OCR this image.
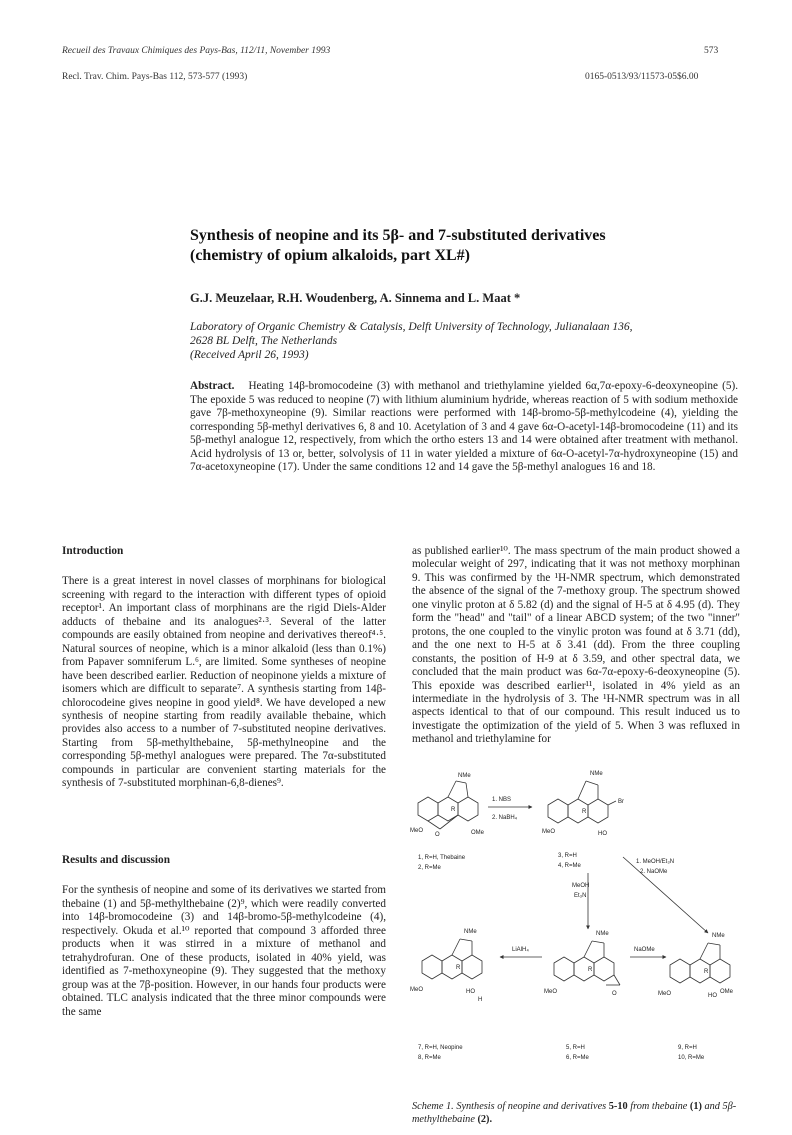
Recueil des Travaux Chimiques des Pays-Bas, 112/11, November 1993	573
Recl. Trav. Chim. Pays-Bas 112, 573-577 (1993)	0165-0513/93/11573-05$6.00
Synthesis of neopine and its 5β- and 7-substituted derivatives
(chemistry of opium alkaloids, part XL#)
G.J. Meuzelaar, R.H. Woudenberg, A. Sinnema and L. Maat *
Laboratory of Organic Chemistry & Catalysis, Delft University of Technology, Julianalaan 136,
2628 BL Delft, The Netherlands
(Received April 26, 1993)
Abstract. Heating 14β-bromocodeine (3) with methanol and triethylamine yielded 6α,7α-epoxy-6-deoxyneopine (5). The epoxide 5 was reduced to neopine (7) with lithium aluminium hydride, whereas reaction of 5 with sodium methoxide gave 7β-methoxyneopine (9). Similar reactions were performed with 14β-bromo-5β-methylcodeine (4), yielding the corresponding 5β-methyl derivatives 6, 8 and 10. Acetylation of 3 and 4 gave 6α-O-acetyl-14β-bromocodeine (11) and its 5β-methyl analogue 12, respectively, from which the ortho esters 13 and 14 were obtained after treatment with methanol. Acid hydrolysis of 13 or, better, solvolysis of 11 in water yielded a mixture of 6α-O-acetyl-7α-hydroxyneopine (15) and 7α-acetoxyneopine (17). Under the same conditions 12 and 14 gave the 5β-methyl analogues 16 and 18.
Introduction

There is a great interest in novel classes of morphinans for biological screening with regard to the interaction with different types of opioid receptor¹. An important class of morphinans are the rigid Diels-Alder adducts of thebaine and its analogues²·³. Several of the latter compounds are easily obtained from neopine and derivatives thereof⁴·⁵. Natural sources of neopine, which is a minor alkaloid (less than 0.1%) from Papaver somniferum L.⁶, are limited. Some syntheses of neopine have been described earlier. Reduction of neopinone yields a mixture of isomers which are difficult to separate⁷. A synthesis starting from 14β-chlorocodeine gives neopine in good yield⁸. We have developed a new synthesis of neopine starting from readily available thebaine, which provides also access to a number of 7-substituted neopine derivatives. Starting from 5β-methylthebaine, 5β-methylneopine and the corresponding 5β-methyl analogues were prepared. The 7α-substituted compounds in particular are convenient starting materials for the synthesis of 7-substituted morphinan-6,8-dienes⁹.

Results and discussion

For the synthesis of neopine and some of its derivatives we started from thebaine (1) and 5β-methylthebaine (2)⁹, which were readily converted into 14β-bromocodeine (3) and 14β-bromo-5β-methylcodeine (4), respectively. Okuda et al.¹⁰ reported that compound 3 afforded three products when it was stirred in a mixture of methanol and tetrahydrofuran. One of these products, isolated in 40% yield, was identified as 7-methoxyneopine (9). They suggested that the methoxy group was at the 7β-position. However, in our hands four products were obtained. TLC analysis indicated that the three minor compounds were the same

as published earlier¹⁰. The mass spectrum of the main product showed a molecular weight of 297, indicating that it was not methoxy morphinan 9. This was confirmed by the ¹H-NMR spectrum, which demonstrated the absence of the signal of the 7-methoxy group. The spectrum showed one vinylic proton at δ 5.82 (d) and the signal of H-5 at δ 4.95 (d). They form the "head" and "tail" of a linear ABCD system; of the two "inner" protons, the one coupled to the vinylic proton was found at δ 3.71 (dd), and the one next to H-5 at δ 3.41 (dd). From the three coupling constants, the position of H-9 at δ 3.59, and other spectral data, we concluded that the main product was 6α-7α-epoxy-6-deoxyneopine (5). This epoxide was described earlier¹¹, isolated in 4% yield as an intermediate in the hydrolysis of 3. The ¹H-NMR spectrum was in all aspects identical to that of our compound. This result induced us to investigate the optimization of the yield of 5. When 3 was refluxed in methanol and triethylamine for

NMe
MeO	OMe
R
O
1. NBS
2. NaBH₄
NMe
MeO
Br
R
HO
1, R=H, Thebaine
2, R=Me
3, R=H
4, R=Me
1. MeOH/Et₃N
2. NaOMe
MeOH
Et₃N
NMe
MeO
R
HO
H
LiAlH₄
NMe
MeO
R
O
NaOMe
NMe
MeO
R
HO
OMe
7, R=H, Neopine
8, R=Me
5, R=H
6, R=Me
9, R=H
10, R=Me
Scheme 1. Synthesis of neopine and derivatives 5-10 from thebaine (1) and 5β-methylthebaine (2).
